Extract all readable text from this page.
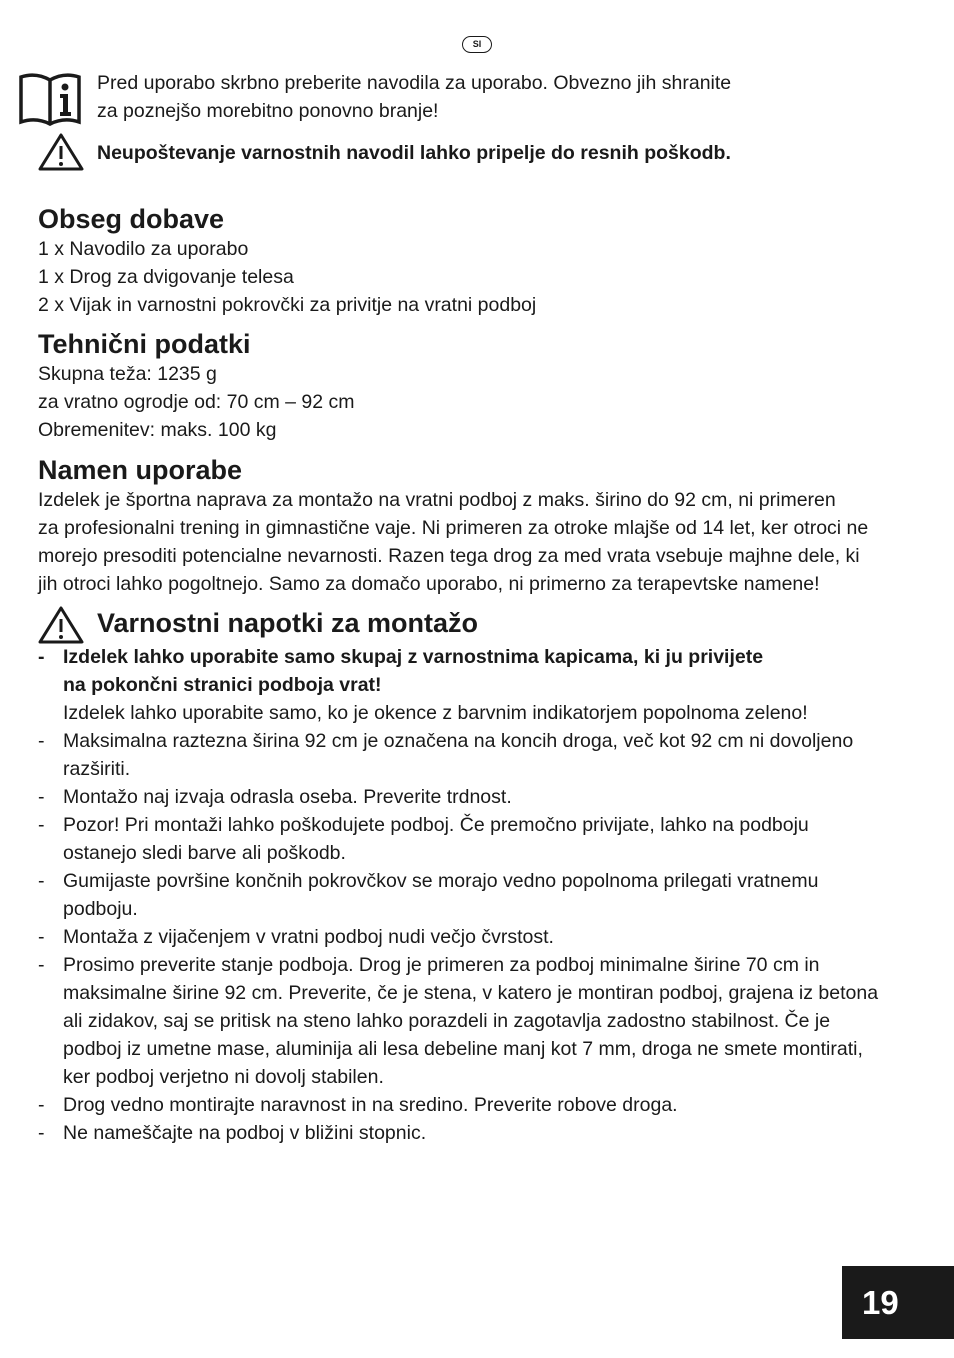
SI

Pred uporabo skrbno preberite navodila za uporabo. Obvezno jih shranite
za poznejšo morebitno ponovno branje!

Neupoštevanje varnostnih navodil lahko pripelje do resnih poškodb.

Obseg dobave
1 x Navodilo za uporabo
1 x Drog za dvigovanje telesa
2 x Vijak in varnostni pokrovčki za privitje na vratni podboj
Tehnični podatki
Skupna teža: 1235 g
za vratno ogrodje od: 70 cm – 92 cm
Obremenitev: maks. 100 kg
Namen uporabe
Izdelek je športna naprava za montažo na vratni podboj z maks. širino do 92 cm, ni primeren
za profesionalni trening in gimnastične vaje. Ni primeren za otroke mlajše od 14 let, ker otroci ne
morejo presoditi potencialne nevarnosti. Razen tega drog za med vrata vsebuje majhne dele, ki
jih otroci lahko pogoltnejo. Samo za domačo uporabo, ni primerno za terapevtske namene!
Varnostni napotki za montažo
- Izdelek lahko uporabite samo skupaj z varnostnima kapicama, ki ju privijete
na pokončni stranici podboja vrat!
Izdelek lahko uporabite samo, ko je okence z barvnim indikatorjem popolnoma zeleno!
- Maksimalna raztezna širina 92 cm je označena na koncih droga, več kot 92 cm ni dovoljeno
razširiti.
- Montažo naj izvaja odrasla oseba. Preverite trdnost.
- Pozor! Pri montaži lahko poškodujete podboj. Če premočno privijate, lahko na podboju
ostanejo sledi barve ali poškodb.
- Gumijaste površine končnih pokrovčkov se morajo vedno popolnoma prilegati vratnemu
podboju.
- Montaža z vijačenjem v vratni podboj nudi večjo čvrstost.
- Prosimo preverite stanje podboja. Drog je primeren za podboj minimalne širine 70 cm in
maksimalne širine 92 cm. Preverite, če je stena, v katero je montiran podboj, grajena iz betona
ali zidakov, saj se pritisk na steno lahko porazdeli in zagotavlja zadostno stabilnost. Če je
podboj iz umetne mase, aluminija ali lesa debeline manj kot 7 mm, droga ne smete montirati,
ker podboj verjetno ni dovolj stabilen.
- Drog vedno montirajte naravnost in na sredino. Preverite robove droga.
- Ne nameščajte na podboj v bližini stopnic.
19
